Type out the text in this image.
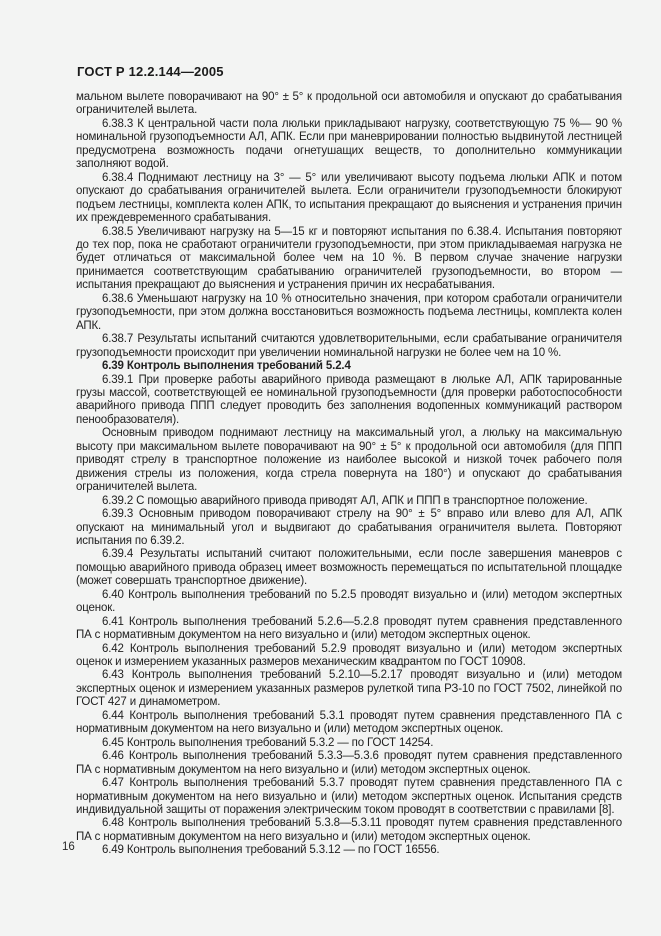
ГОСТ Р 12.2.144—2005

мальном вылете поворачивают на 90° ± 5° к продольной оси автомобиля и опускают до срабатывания ограничителей вылета.

6.38.3 К центральной части пола люльки прикладывают нагрузку, соответствующую 75 %— 90 % номинальной грузоподъемности АЛ, АПК. Если при маневрировании полностью выдвинутой лестницей предусмотрена возможность подачи огнетушащих веществ, то дополнительно коммуникации заполняют водой.

6.38.4 Поднимают лестницу на 3° — 5° или увеличивают высоту подъема люльки АПК и потом опускают до срабатывания ограничителей вылета. Если ограничители грузоподъемности блокируют подъем лестницы, комплекта колен АПК, то испытания прекращают до выяснения и устранения причин их преждевременного срабатывания.

6.38.5 Увеличивают нагрузку на 5—15 кг и повторяют испытания по 6.38.4. Испытания повторяют до тех пор, пока не сработают ограничители грузоподъемности, при этом прикладываемая нагрузка не будет отличаться от максимальной более чем на 10 %. В первом случае значение нагрузки принимается соответствующим срабатыванию ограничителей грузоподъемности, во втором — испытания прекращают до выяснения и устранения причин их несрабатывания.

6.38.6 Уменьшают нагрузку на 10 % относительно значения, при котором сработали ограничители грузоподъемности, при этом должна восстановиться возможность подъема лестницы, комплекта колен АПК.

6.38.7 Результаты испытаний считаются удовлетворительными, если срабатывание ограничителя грузоподъемности происходит при увеличении номинальной нагрузки не более чем на 10 %.

6.39 Контроль выполнения требований 5.2.4

6.39.1 При проверке работы аварийного привода размещают в люльке АЛ, АПК тарированные грузы массой, соответствующей ее номинальной грузоподъемности (для проверки работоспособности аварийного привода ППП следует проводить без заполнения водопенных коммуникаций раствором пенообразователя).

Основным приводом поднимают лестницу на максимальный угол, а люльку на максимальную высоту при максимальном вылете поворачивают на 90° ± 5° к продольной оси автомобиля (для ППП приводят стрелу в транспортное положение из наиболее высокой и низкой точек рабочего поля движения стрелы из положения, когда стрела повернута на 180°) и опускают до срабатывания ограничителей вылета.

6.39.2 С помощью аварийного привода приводят АЛ, АПК и ППП в транспортное положение.

6.39.3 Основным приводом поворачивают стрелу на 90° ± 5° вправо или влево для АЛ, АПК опускают на минимальный угол и выдвигают до срабатывания ограничителя вылета. Повторяют испытания по 6.39.2.

6.39.4 Результаты испытаний считают положительными, если после завершения маневров с помощью аварийного привода образец имеет возможность перемещаться по испытательной площадке (может совершать транспортное движение).

6.40 Контроль выполнения требований по 5.2.5 проводят визуально и (или) методом экспертных оценок.

6.41 Контроль выполнения требований 5.2.6—5.2.8 проводят путем сравнения представленного ПА с нормативным документом на него визуально и (или) методом экспертных оценок.

6.42 Контроль выполнения требований 5.2.9 проводят визуально и (или) методом экспертных оценок и измерением указанных размеров механическим квадрантом по ГОСТ 10908.

6.43 Контроль выполнения требований 5.2.10—5.2.17 проводят визуально и (или) методом экспертных оценок и измерением указанных размеров рулеткой типа РЗ-10 по ГОСТ 7502, линейкой по ГОСТ 427 и динамометром.

6.44 Контроль выполнения требований 5.3.1 проводят путем сравнения представленного ПА с нормативным документом на него визуально и (или) методом экспертных оценок.

6.45 Контроль выполнения требований 5.3.2 — по ГОСТ 14254.

6.46 Контроль выполнения требований 5.3.3—5.3.6 проводят путем сравнения представленного ПА с нормативным документом на него визуально и (или) методом экспертных оценок.

6.47 Контроль выполнения требований 5.3.7 проводят путем сравнения представленного ПА с нормативным документом на него визуально и (или) методом экспертных оценок. Испытания средств индивидуальной защиты от поражения электрическим током проводят в соответствии с правилами [8].

6.48 Контроль выполнения требований 5.3.8—5.3.11 проводят путем сравнения представленного ПА с нормативным документом на него визуально и (или) методом экспертных оценок.

6.49 Контроль выполнения требований 5.3.12 — по ГОСТ 16556.

16
